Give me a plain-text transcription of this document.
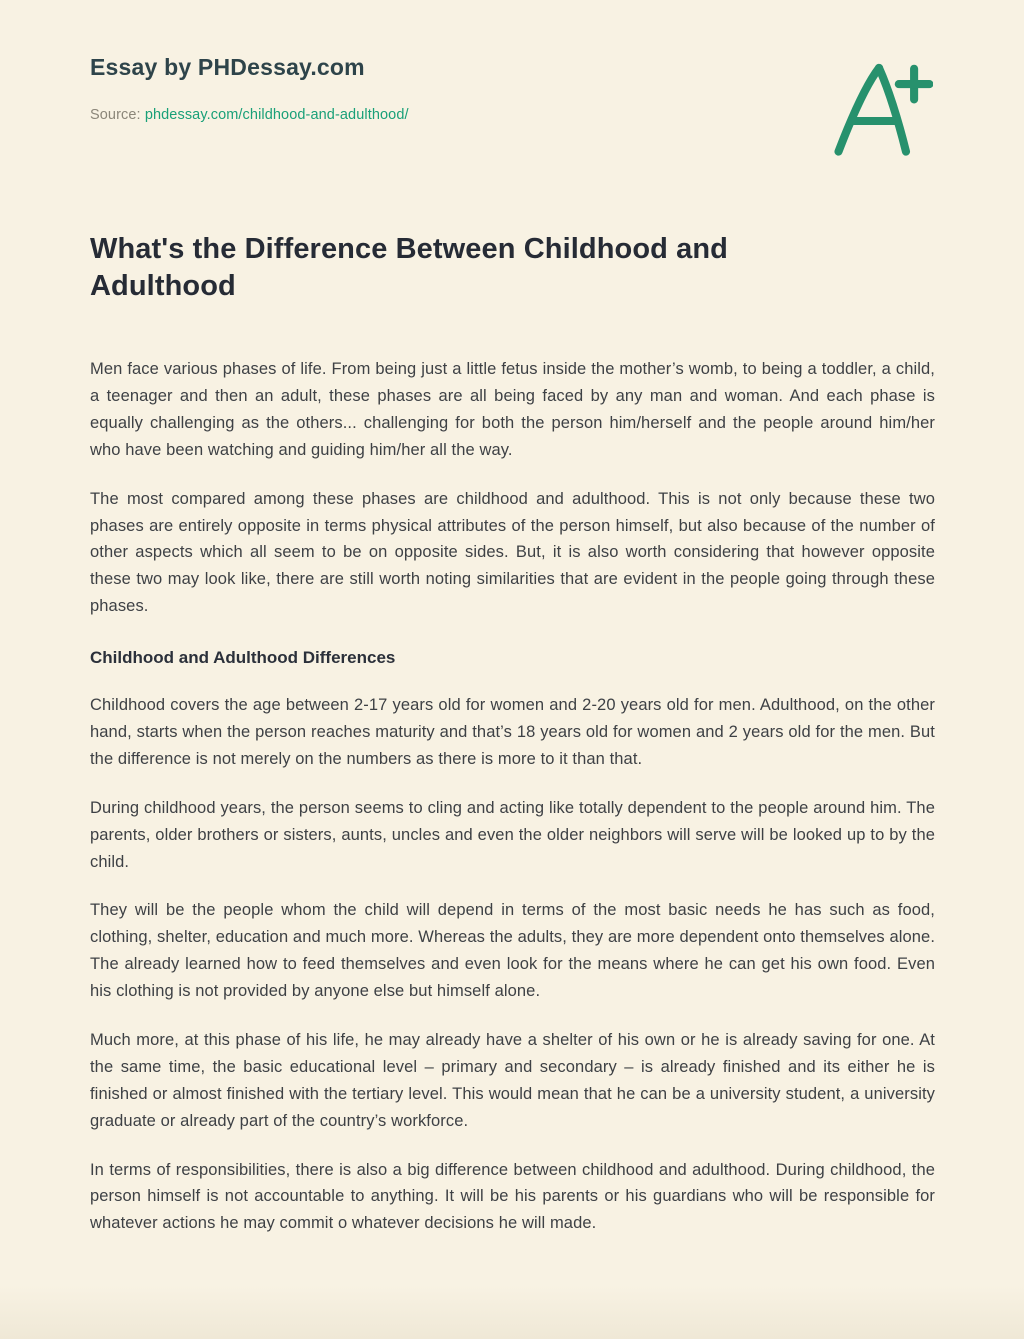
Essay by PHDessay.com
Source: phdessay.com/childhood-and-adulthood/
What's the Difference Between Childhood and Adulthood

Men face various phases of life. From being just a little fetus inside the mother’s womb, to being a toddler, a child, a teenager and then an adult, these phases are all being faced by any man and woman. And each phase is equally challenging as the others... challenging for both the person him/herself and the people around him/her who have been watching and guiding him/her all the way.

The most compared among these phases are childhood and adulthood. This is not only because these two phases are entirely opposite in terms physical attributes of the person himself, but also because of the number of other aspects which all seem to be on opposite sides. But, it is also worth considering that however opposite these two may look like, there are still worth noting similarities that are evident in the people going through these phases.

Childhood and Adulthood Differences

Childhood covers the age between 2-17 years old for women and 2-20 years old for men. Adulthood, on the other hand, starts when the person reaches maturity and that’s 18 years old for women and 2 years old for the men. But the difference is not merely on the numbers as there is more to it than that.

During childhood years, the person seems to cling and acting like totally dependent to the people around him. The parents, older brothers or sisters, aunts, uncles and even the older neighbors will serve will be looked up to by the child.

They will be the people whom the child will depend in terms of the most basic needs he has such as food, clothing, shelter, education and much more. Whereas the adults, they are more dependent onto themselves alone. The already learned how to feed themselves and even look for the means where he can get his own food. Even his clothing is not provided by anyone else but himself alone.

Much more, at this phase of his life, he may already have a shelter of his own or he is already saving for one. At the same time, the basic educational level – primary and secondary – is already finished and its either he is finished or almost finished with the tertiary level. This would mean that he can be a university student, a university graduate or already part of the country’s workforce.

In terms of responsibilities, there is also a big difference between childhood and adulthood. During childhood, the person himself is not accountable to anything. It will be his parents or his guardians who will be responsible for whatever actions he may commit o whatever decisions he will made.
